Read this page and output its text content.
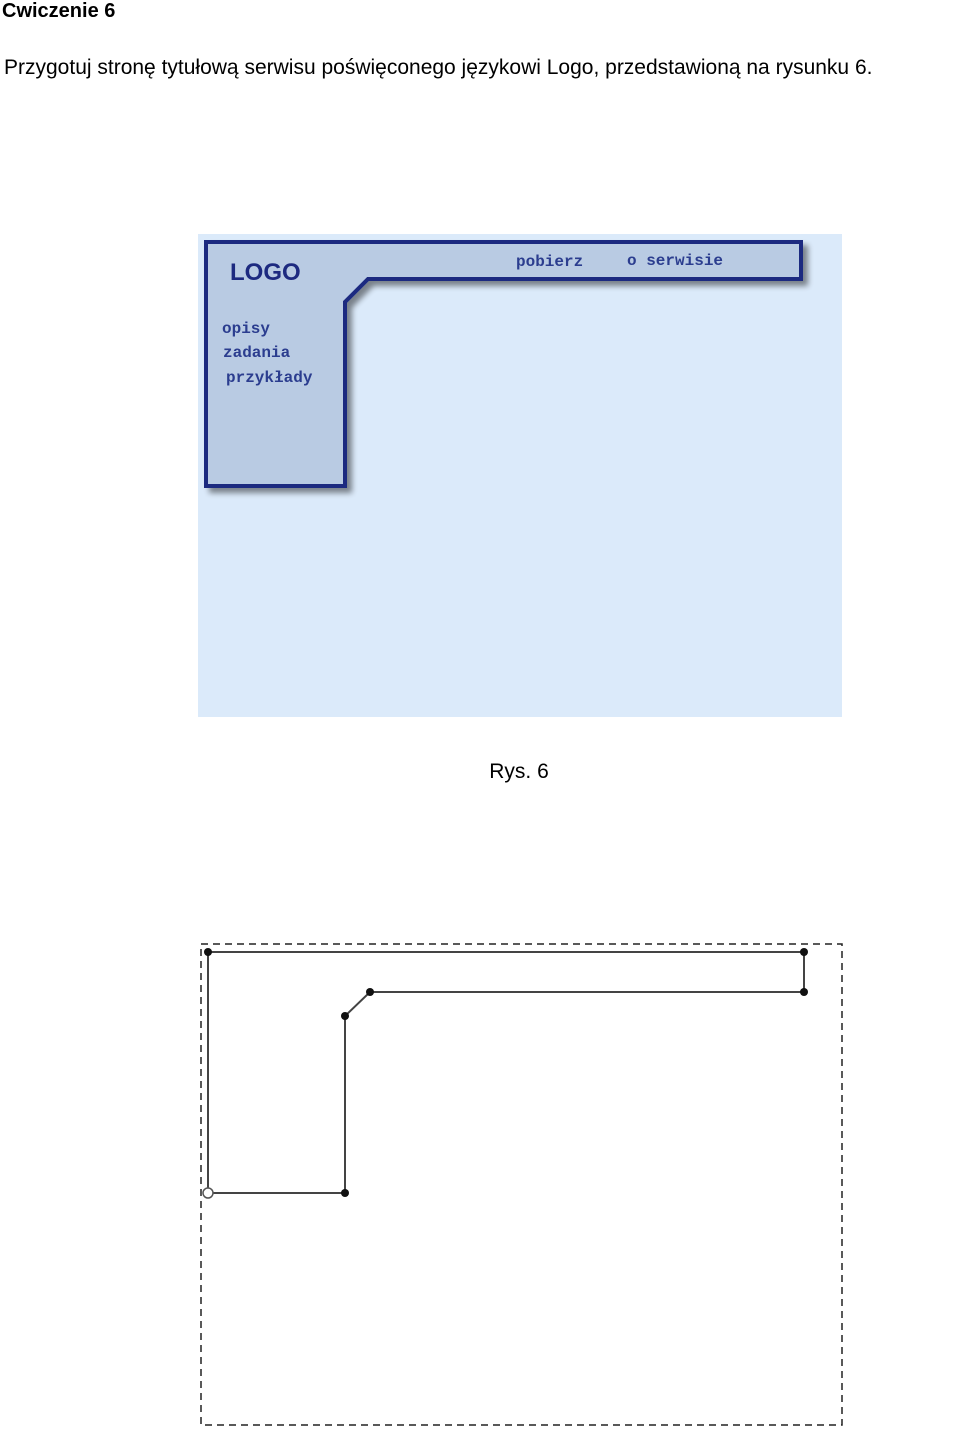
Cwiczenie 6
Przygotuj stronę tytułową serwisu poświęconego językowi Logo, przedstawioną na rysunku 6.
LOGO	pobierz	o serwisie
opisy
zadania
przykłady
Rys. 6
